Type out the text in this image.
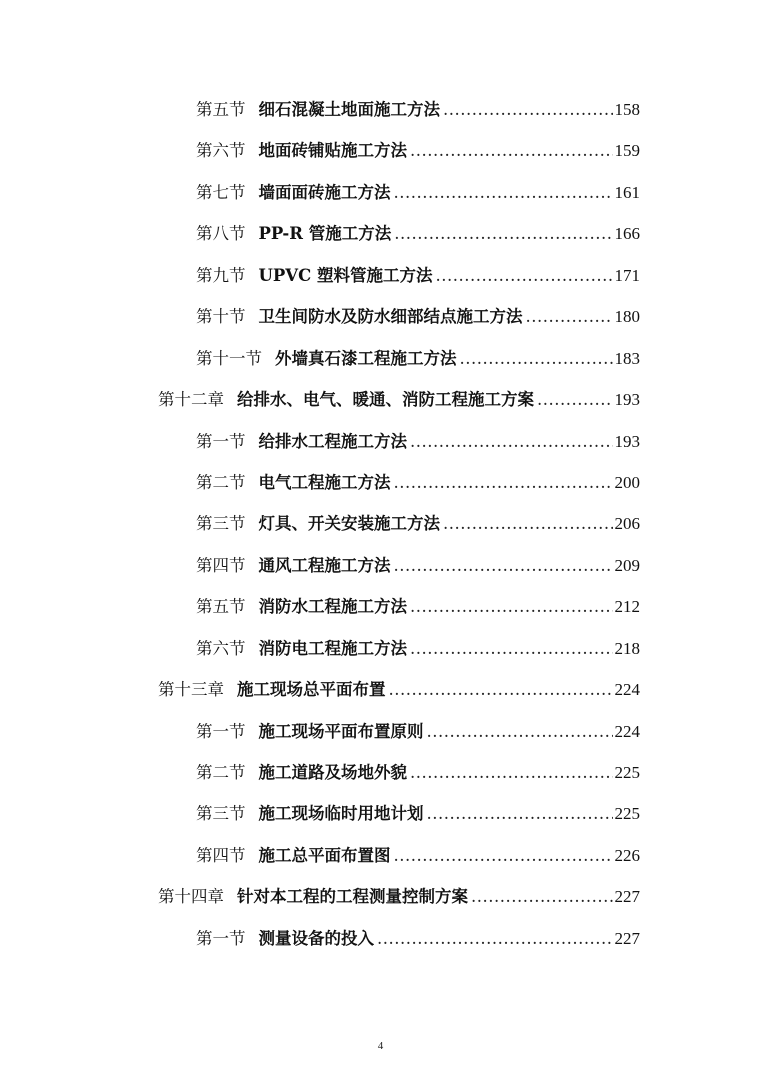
第五节 细石混凝土地面施工方法 .....	158
第六节 地面砖铺贴施工方法 .....	159
第七节 墙面面砖施工方法 .....	161
第八节 PP-R 管施工方法 .....	166
第九节 UPVC 塑料管施工方法 .....	171
第十节 卫生间防水及防水细部结点施工方法 .....	180
第十一节 外墙真石漆工程施工方法 .....	183
第十二章 给排水、电气、暖通、消防工程施工方案 .....	193
第一节 给排水工程施工方法 .....	193
第二节 电气工程施工方法 .....	200
第三节 灯具、开关安装施工方法 .....	206
第四节 通风工程施工方法 .....	209
第五节 消防水工程施工方法 .....	212
第六节 消防电工程施工方法 .....	218
第十三章 施工现场总平面布置 .....	224
第一节 施工现场平面布置原则 .....	224
第二节 施工道路及场地外貌 .....	225
第三节 施工现场临时用地计划 .....	225
第四节 施工总平面布置图 .....	226
第十四章 针对本工程的工程测量控制方案 .....	227
第一节 测量设备的投入 .....	227
4
